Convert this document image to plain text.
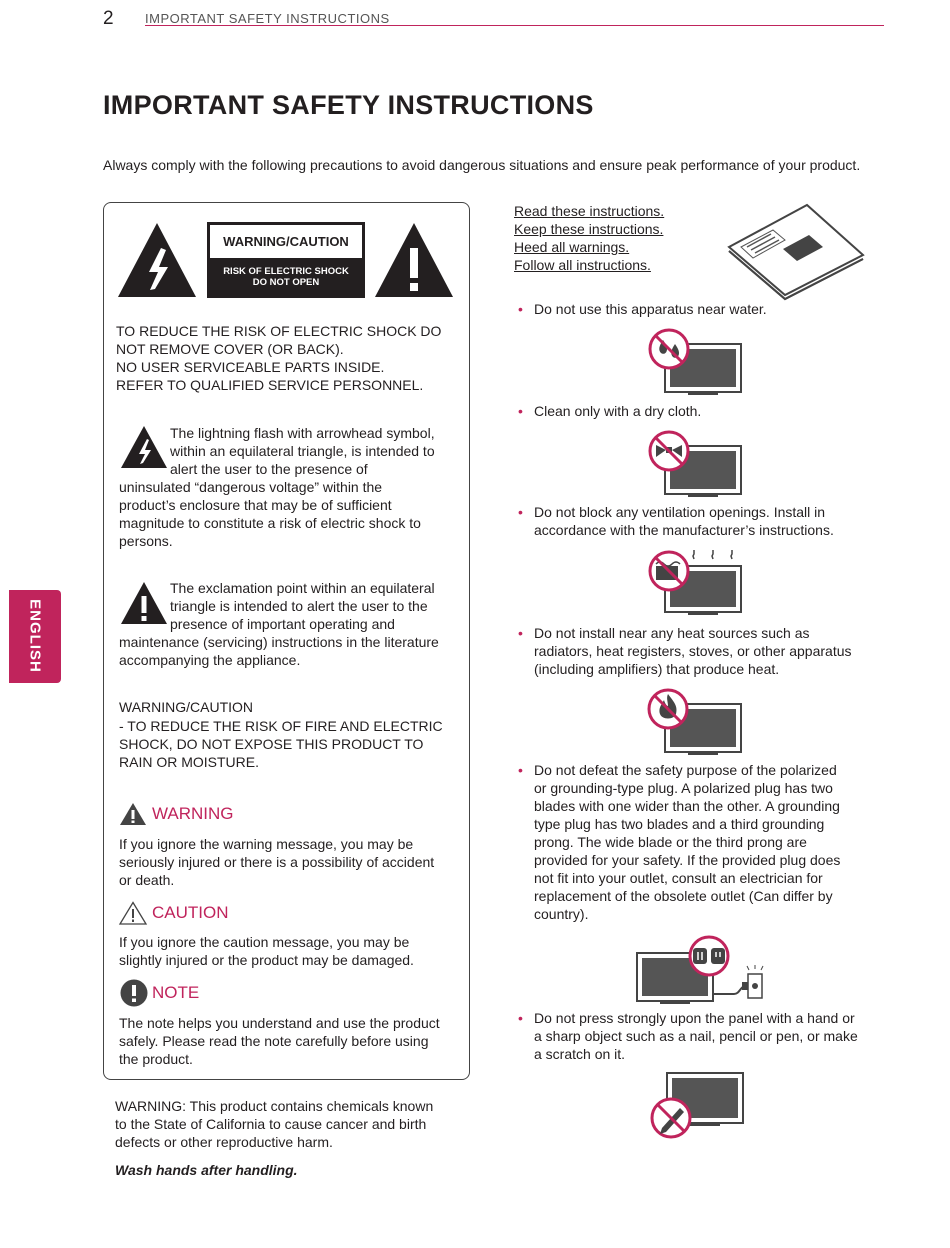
2 IMPORTANT SAFETY INSTRUCTIONS
IMPORTANT SAFETY INSTRUCTIONS
Always comply with the following precautions to avoid dangerous situations and ensure peak performance of your product.
ENGLISH
WARNING/CAUTION
RISK OF ELECTRIC SHOCK
DO NOT OPEN
TO REDUCE THE RISK OF ELECTRIC SHOCK DO
NOT REMOVE COVER (OR BACK).
NO USER SERVICEABLE PARTS INSIDE.
REFER TO QUALIFIED SERVICE PERSONNEL.
The lightning flash with arrowhead symbol,
within an equilateral triangle, is intended to
alert the user to the presence of
uninsulated “dangerous voltage” within the
product’s enclosure that may be of sufficient
magnitude to constitute a risk of electric shock to
persons.
The exclamation point within an equilateral
triangle is intended to alert the user to the
presence of important operating and
maintenance (servicing) instructions in the literature
accompanying the appliance.
WARNING/CAUTION
- TO REDUCE THE RISK OF FIRE AND ELECTRIC
SHOCK, DO NOT EXPOSE THIS PRODUCT TO
RAIN OR MOISTURE.
WARNING
If you ignore the warning message, you may be
seriously injured or there is a possibility of accident
or death.
CAUTION
If you ignore the caution message, you may be
slightly injured or the product may be damaged.
NOTE
The note helps you understand and use the product
safely. Please read the note carefully before using
the product.
WARNING: This product contains chemicals known
to the State of California to cause cancer and birth
defects or other reproductive harm.
Wash hands after handling.
Read these instructions.
Keep these instructions.
Heed all warnings.
Follow all instructions.
• Do not use this apparatus near water.
• Clean only with a dry cloth.
• Do not block any ventilation openings. Install in
accordance with the manufacturer’s instructions.
• Do not install near any heat sources such as
radiators, heat registers, stoves, or other apparatus
(including amplifiers) that produce heat.
• Do not defeat the safety purpose of the polarized
or grounding-type plug. A polarized plug has two
blades with one wider than the other. A grounding
type plug has two blades and a third grounding
prong. The wide blade or the third prong are
provided for your safety. If the provided plug does
not fit into your outlet, consult an electrician for
replacement of the obsolete outlet (Can differ by
country).
• Do not press strongly upon the panel with a hand or
a sharp object such as a nail, pencil or pen, or make
a scratch on it.
